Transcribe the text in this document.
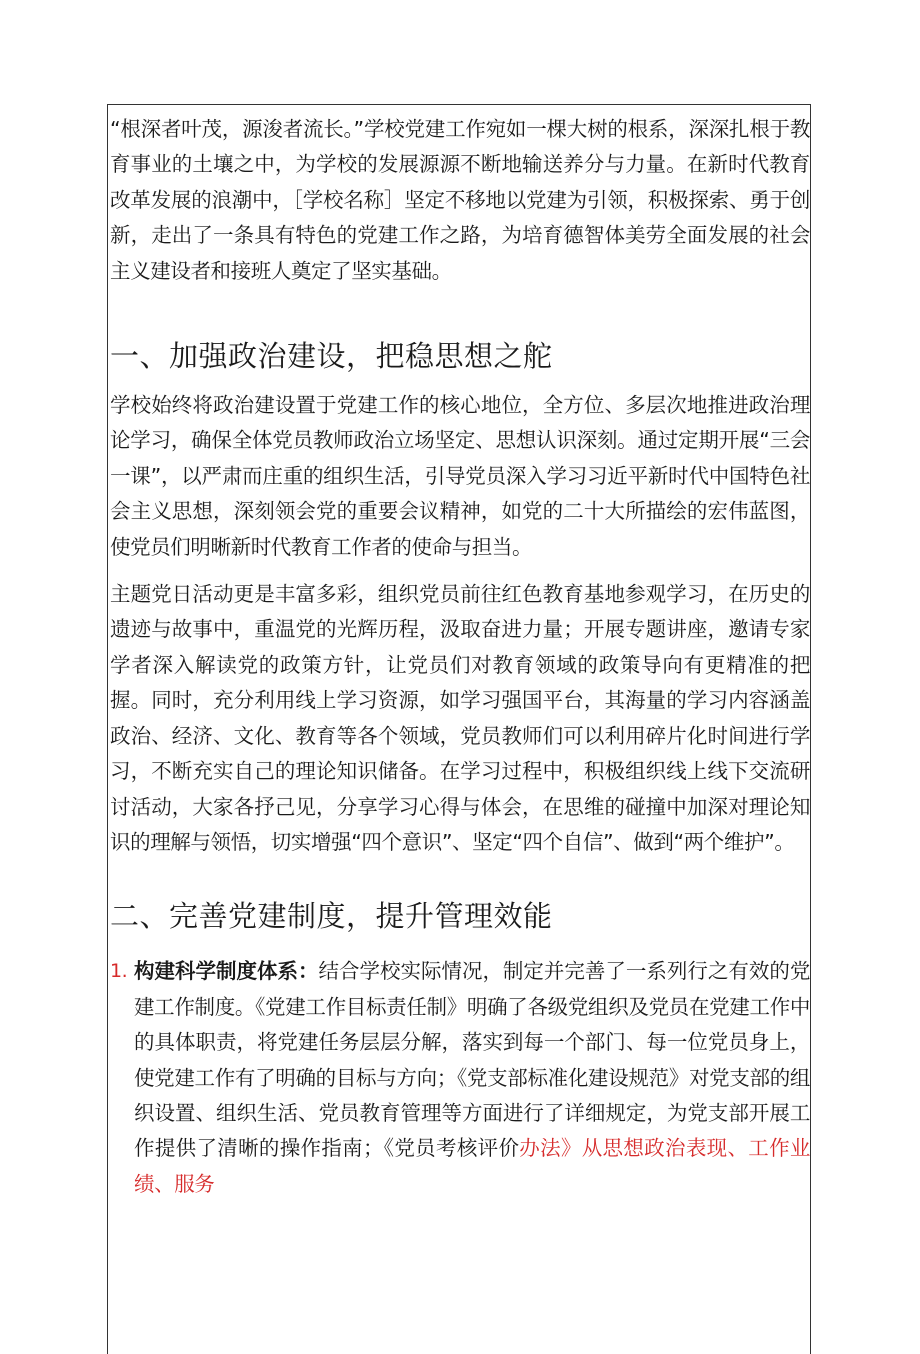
“根深者叶茂，源浚者流长。”学校党建工作宛如一棵大树的根系，深深扎根于教育事业的土壤之中，为学校的发展源源不断地输送养分与力量。在新时代教育改革发展的浪潮中，［学校名称］坚定不移地以党建为引领，积极探索、勇于创新，走出了一条具有特色的党建工作之路，为培育德智体美劳全面发展的社会主义建设者和接班人奠定了坚实基础。

一、加强政治建设，把稳思想之舵

学校始终将政治建设置于党建工作的核心地位，全方位、多层次地推进政治理论学习，确保全体党员教师政治立场坚定、思想认识深刻。通过定期开展“三会一课”，以严肃而庄重的组织生活，引导党员深入学习习近平新时代中国特色社会主义思想，深刻领会党的重要会议精神，如党的二十大所描绘的宏伟蓝图，使党员们明晰新时代教育工作者的使命与担当。

主题党日活动更是丰富多彩，组织党员前往红色教育基地参观学习，在历史的遗迹与故事中，重温党的光辉历程，汲取奋进力量；开展专题讲座，邀请专家学者深入解读党的政策方针，让党员们对教育领域的政策导向有更精准的把握。同时，充分利用线上学习资源，如学习强国平台，其海量的学习内容涵盖政治、经济、文化、教育等各个领域，党员教师们可以利用碎片化时间进行学习，不断充实自己的理论知识储备。在学习过程中，积极组织线上线下交流研讨活动，大家各抒己见，分享学习心得与体会，在思维的碰撞中加深对理论知识的理解与领悟，切实增强“四个意识”、坚定“四个自信”、做到“两个维护”。

二、完善党建制度，提升管理效能
1. 构建科学制度体系：结合学校实际情况，制定并完善了一系列行之有效的党建工作制度。《党建工作目标责任制》明确了各级党组织及党员在党建工作中的具体职责，将党建任务层层分解，落实到每一个部门、每一位党员身上，使党建工作有了明确的目标与方向；《党支部标准化建设规范》对党支部的组织设置、组织生活、党员教育管理等方面进行了详细规定，为党支部开展工作提供了清晰的操作指南；《党员考核评价办法》从思想政治表现、工作业绩、服务
